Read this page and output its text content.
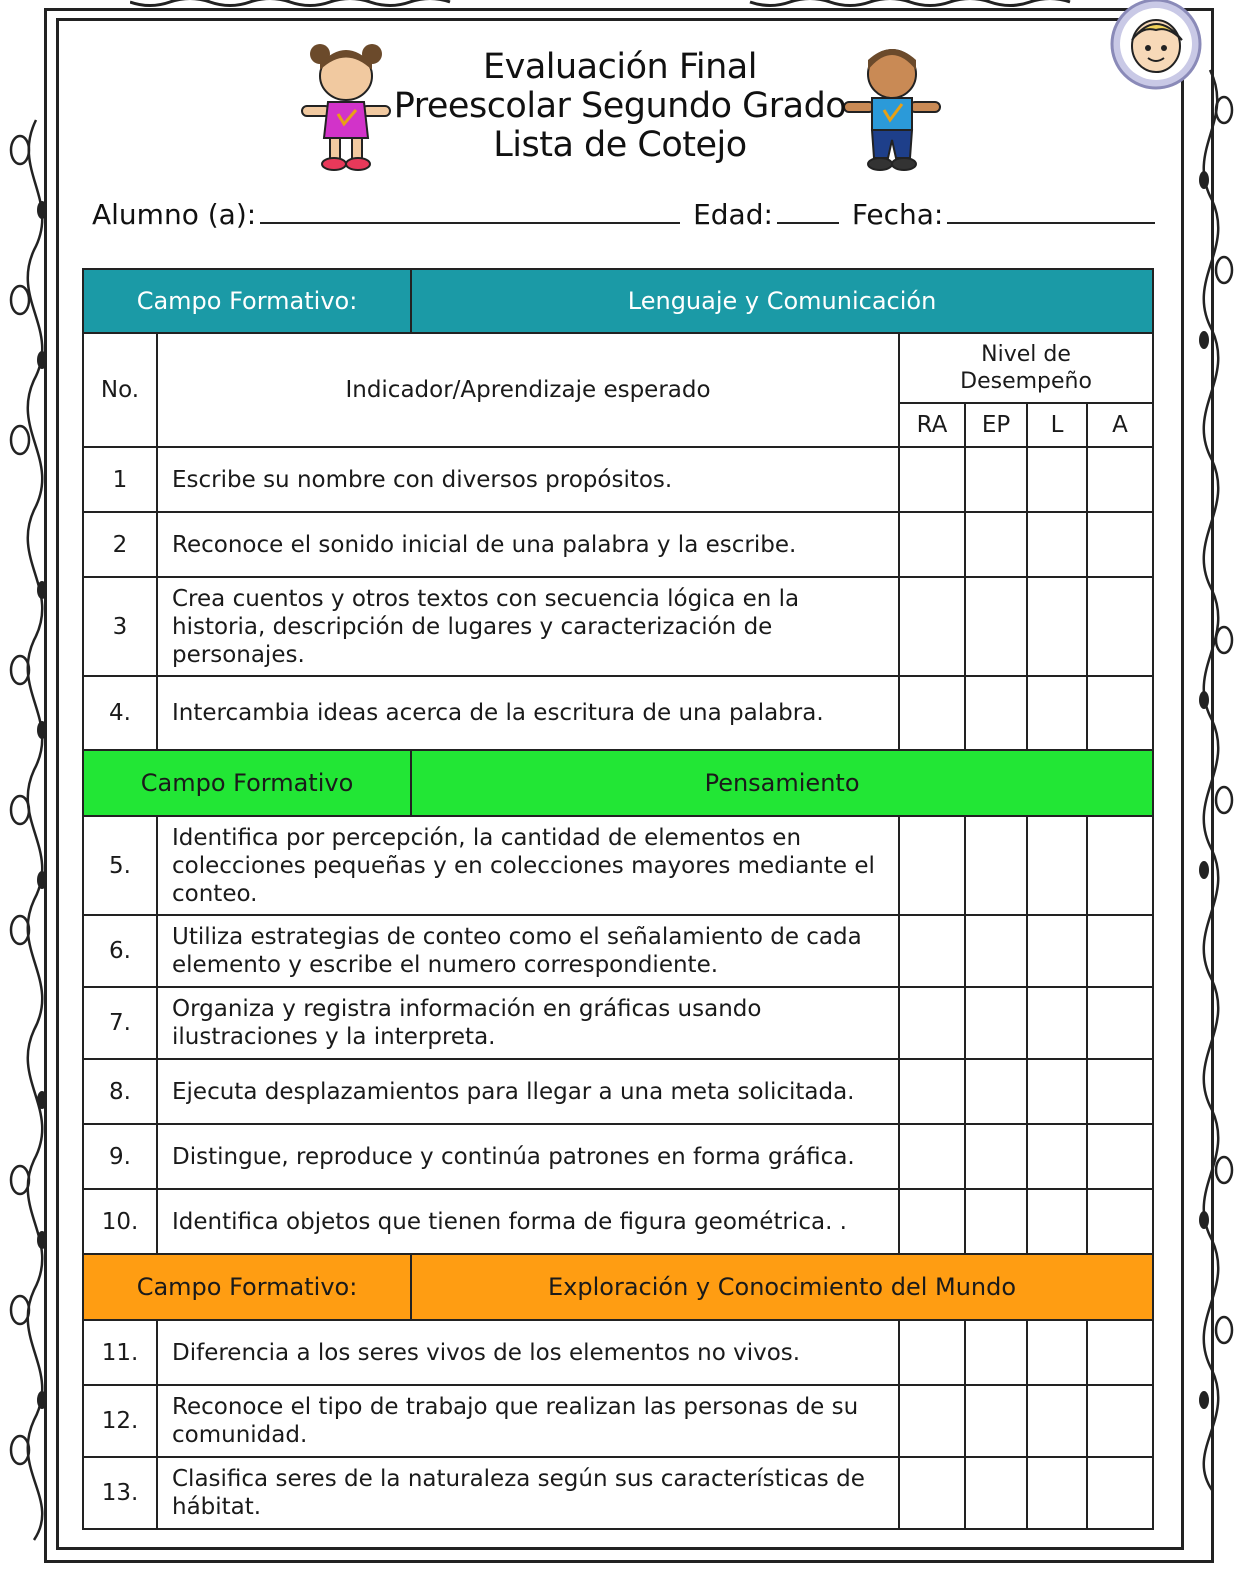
Evaluación Final
Preescolar Segundo Grado
Lista de Cotejo
Alumno (a):	Edad:	Fecha:
Campo Formativo:		Lenguaje y Comunicación				
No.	Indicador/Aprendizaje esperado		Nivel de Desempeño			
			RA	EP	L	A
1	Escribe su nombre con diversos propósitos.					
2	Reconoce el sonido inicial de una palabra y la escribe.					
3	Crea cuentos y otros textos con secuencia lógica en la historia, descripción de lugares y caracterización de personajes.					
4.	Intercambia ideas acerca de la escritura de una palabra.					
Campo Formativo		Pensamiento				
5.	Identifica por percepción, la cantidad de elementos en colecciones pequeñas y en colecciones mayores mediante el conteo.					
6.	Utiliza estrategias de conteo como el señalamiento de cada elemento y escribe el numero correspondiente.					
7.	Organiza y registra información en gráficas usando ilustraciones y la interpreta.					
8.	Ejecuta desplazamientos para llegar a una meta solicitada.					
9.	Distingue, reproduce y continúa patrones en forma gráfica.					
10.	Identifica objetos que tienen forma de figura geométrica. .					
Campo Formativo:		Exploración y Conocimiento del Mundo				
11.	Diferencia a los seres vivos de los elementos no vivos.					
12.	Reconoce el tipo de trabajo que realizan las personas de su comunidad.					
13.	Clasifica seres de la naturaleza según sus características de hábitat.					
